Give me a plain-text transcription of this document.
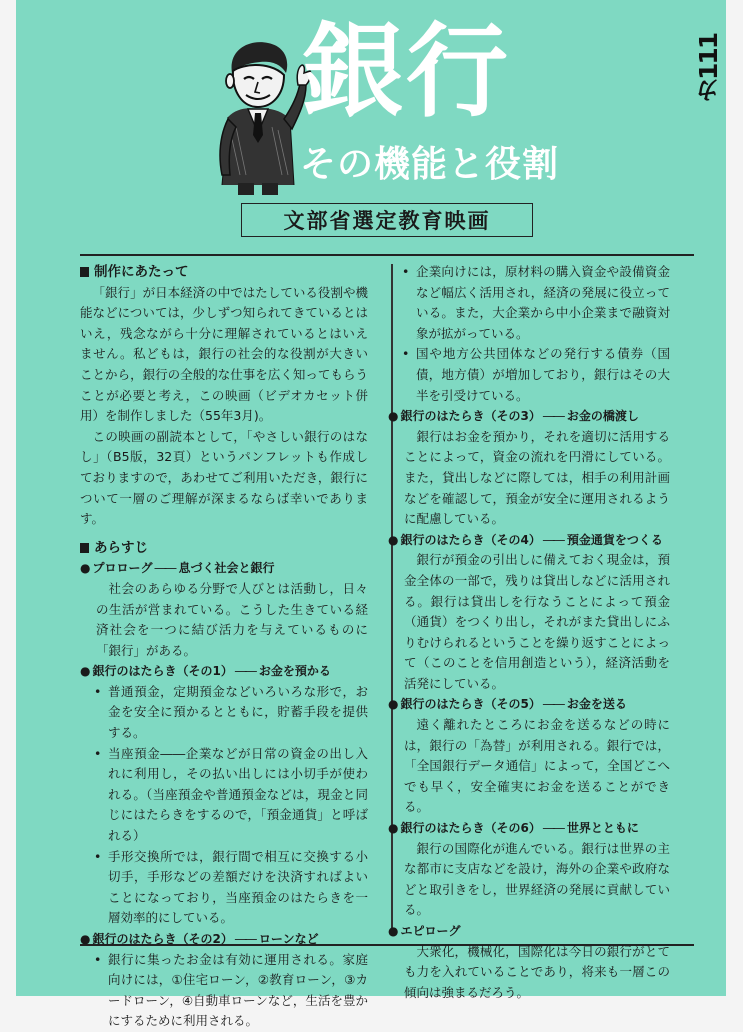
カ111
銀行
その機能と役割
文部省選定教育映画

制作にあたって

「銀行」が日本経済の中ではたしている役割や機能などについては，少しずつ知られてきているとはいえ，残念ながら十分に理解されているとはいえません。私どもは，銀行の社会的な役割が大きいことから，銀行の全般的な仕事を広く知ってもらうことが必要と考え，この映画（ビデオカセット併用）を制作しました（55年3月)。

この映画の副読本として，「やさしい銀行のはなし」（B5版，32頁）というパンフレットも作成しておりますので，あわせてご利用いただき，銀行について一層のご理解が深まるならば幸いであります。

あらすじ

● プロローグ ―― 息づく社会と銀行

社会のあらゆる分野で人びとは活動し，日々の生活が営まれている。こうした生きている経済社会を一つに結び活力を与えているものに「銀行」がある。

● 銀行のはたらき（その1） ―― お金を預かる

• 普通預金，定期預金などいろいろな形で，お金を安全に預かるとともに，貯蓄手段を提供する。
• 当座預金――企業などが日常の資金の出し入れに利用し，その払い出しには小切手が使われる。（当座預金や普通預金などは，現金と同じにはたらきをするので，「預金通貨」と呼ばれる）
• 手形交換所では，銀行間で相互に交換する小切手，手形などの差額だけを決済すればよいことになっており，当座預金のはたらきを一層効率的にしている。

● 銀行のはたらき（その2） ―― ローンなど

• 銀行に集ったお金は有効に運用される。家庭向けには，①住宅ローン，②教育ローン，③カードローン，④自動車ローンなど，生活を豊かにするために利用される。
• 企業向けには，原材料の購入資金や設備資金など幅広く活用され，経済の発展に役立っている。また，大企業から中小企業まで融資対象が拡がっている。
• 国や地方公共団体などの発行する債券（国債，地方債）が増加しており，銀行はその大半を引受けている。

● 銀行のはたらき（その3） ―― お金の橋渡し

銀行はお金を預かり，それを適切に活用することによって，資金の流れを円滑にしている。また，貸出しなどに際しては，相手の利用計画などを確認して，預金が安全に運用されるように配慮している。

● 銀行のはたらき（その4） ―― 預金通貨をつくる

銀行が預金の引出しに備えておく現金は，預金全体の一部で，残りは貸出しなどに活用される。銀行は貸出しを行なうことによって預金（通貨）をつくり出し，それがまた貸出しにふりむけられるということを繰り返すことによって（このことを信用創造という），経済活動を活発にしている。

● 銀行のはたらき（その5） ―― お金を送る

遠く離れたところにお金を送るなどの時には，銀行の「為替」が利用される。銀行では，「全国銀行データ通信」によって，全国どこへでも早く，安全確実にお金を送ることができる。

● 銀行のはたらき（その6） ―― 世界とともに

銀行の国際化が進んでいる。銀行は世界の主な都市に支店などを設け，海外の企業や政府などと取引きをし，世界経済の発展に貢献している。

● エピローグ

大衆化，機械化，国際化は今日の銀行がとても力を入れていることであり，将来も一層この傾向は強まるだろう。
